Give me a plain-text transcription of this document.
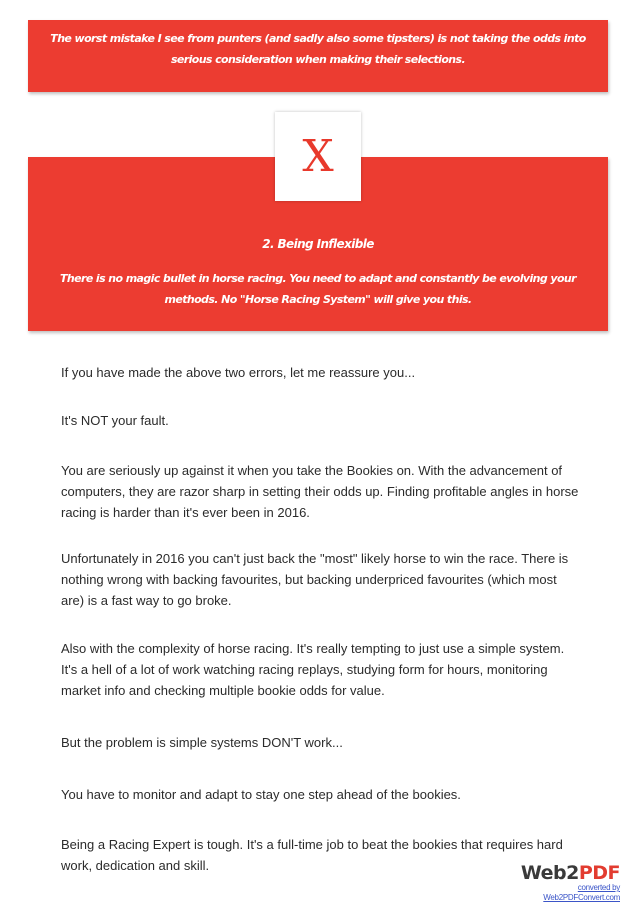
The worst mistake I see from punters (and sadly also some tipsters) is not taking the odds into serious consideration when making their selections.
X
2. Being Inflexible
There is no magic bullet in horse racing. You need to adapt and constantly be evolving your methods. No "Horse Racing System" will give you this.
If you have made the above two errors, let me reassure you...
It's NOT your fault.
You are seriously up against it when you take the Bookies on. With the advancement of computers, they are razor sharp in setting their odds up. Finding profitable angles in horse racing is harder than it's ever been in 2016.
Unfortunately in 2016 you can't just back the "most" likely horse to win the race. There is nothing wrong with backing favourites, but backing underpriced favourites (which most are) is a fast way to go broke.
Also with the complexity of horse racing. It's really tempting to just use a simple system. It's a hell of a lot of work watching racing replays, studying form for hours, monitoring market info and checking multiple bookie odds for value.
But the problem is simple systems DON'T work...
You have to monitor and adapt to stay one step ahead of the bookies.
Being a Racing Expert is tough. It's a full-time job to beat the bookies that requires hard work, dedication and skill.	Web2PDF
converted by Web2PDFConvert.com
